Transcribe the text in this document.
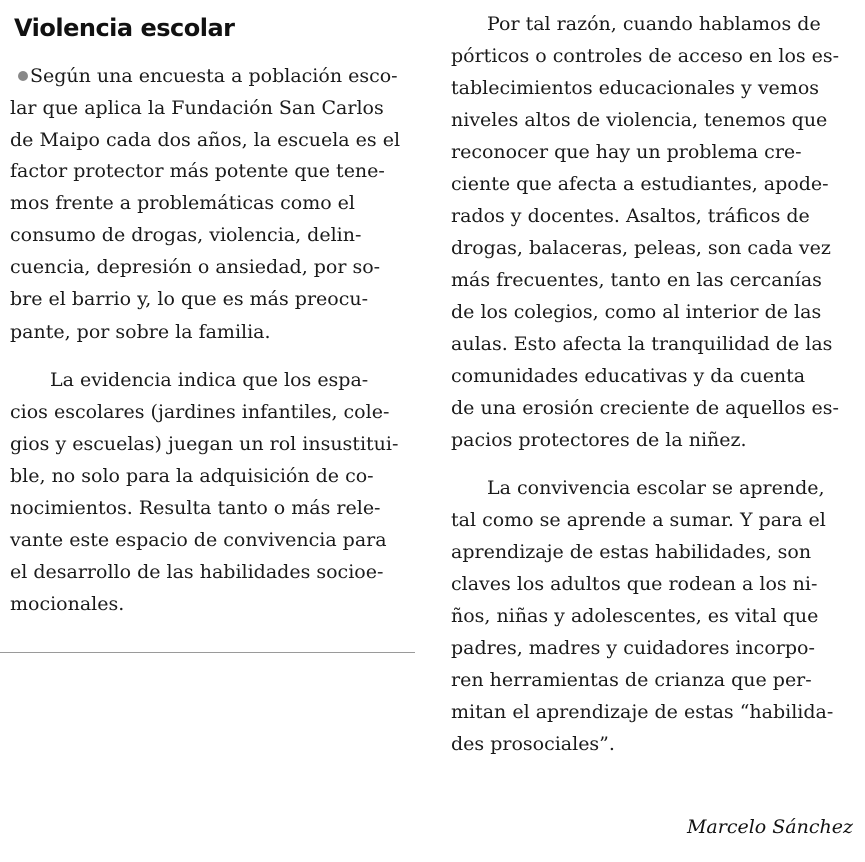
Violencia escolar
Según una encuesta a población esco-
lar que aplica la Fundación San Carlos
de Maipo cada dos años, la escuela es el
factor protector más potente que tene-
mos frente a problemáticas como el
consumo de drogas, violencia, delin-
cuencia, depresión o ansiedad, por so-
bre el barrio y, lo que es más preocu-
pante, por sobre la familia.
La evidencia indica que los espa-
cios escolares (jardines infantiles, cole-
gios y escuelas) juegan un rol insustitui-
ble, no solo para la adquisición de co-
nocimientos. Resulta tanto o más rele-
vante este espacio de convivencia para
el desarrollo de las habilidades socioe-
mocionales.
Por tal razón, cuando hablamos de
pórticos o controles de acceso en los es-
tablecimientos educacionales y vemos
niveles altos de violencia, tenemos que
reconocer que hay un problema cre-
ciente que afecta a estudiantes, apode-
rados y docentes. Asaltos, tráficos de
drogas, balaceras, peleas, son cada vez
más frecuentes, tanto en las cercanías
de los colegios, como al interior de las
aulas. Esto afecta la tranquilidad de las
comunidades educativas y da cuenta
de una erosión creciente de aquellos es-
pacios protectores de la niñez.
La convivencia escolar se aprende,
tal como se aprende a sumar. Y para el
aprendizaje de estas habilidades, son
claves los adultos que rodean a los ni-
ños, niñas y adolescentes, es vital que
padres, madres y cuidadores incorpo-
ren herramientas de crianza que per-
mitan el aprendizaje de estas “habilida-
des prosociales”.
Marcelo Sánchez
